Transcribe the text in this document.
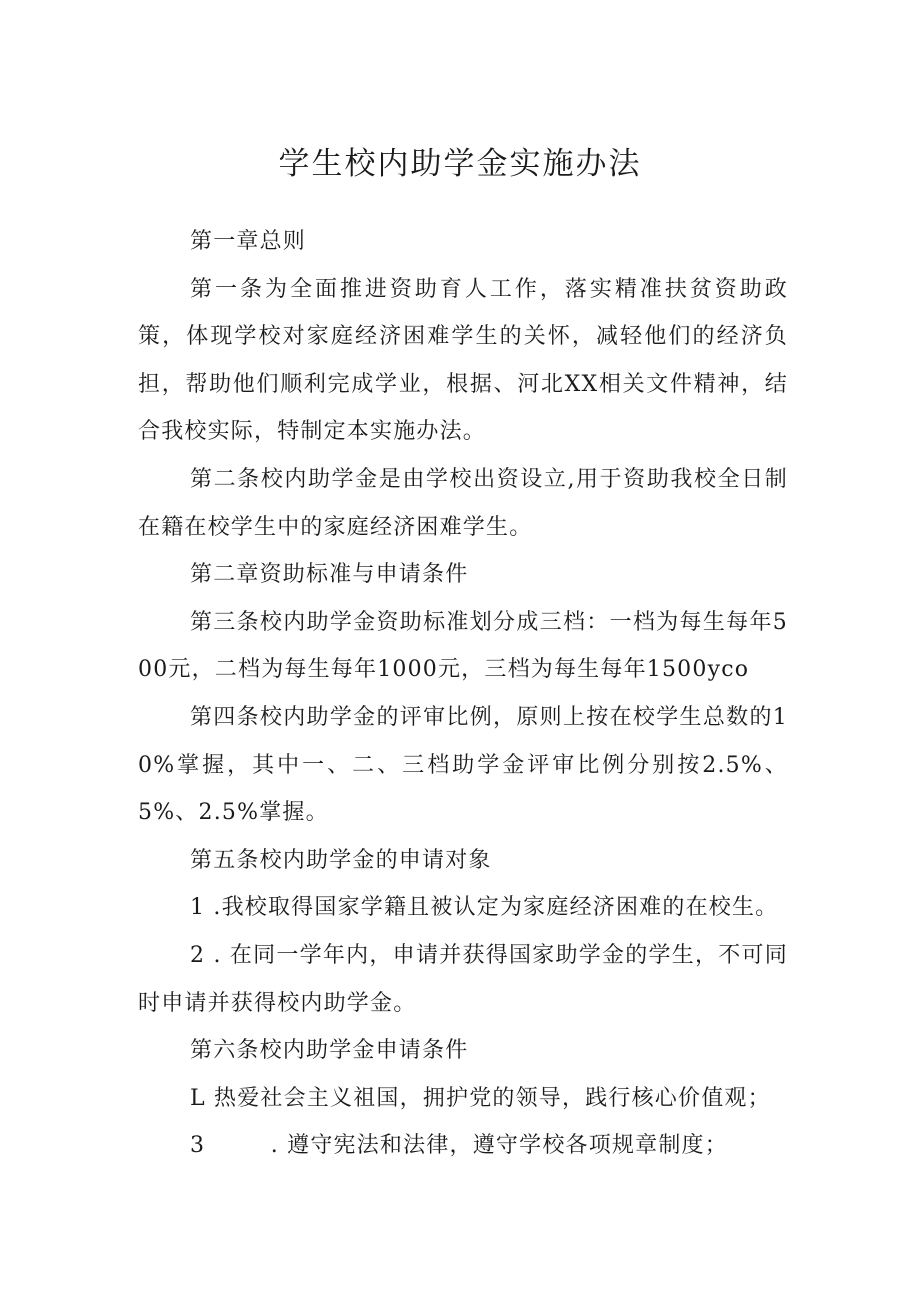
学生校内助学金实施办法

第一章总则

第一条为全面推进资助育人工作，落实精准扶贫资助政策，体现学校对家庭经济困难学生的关怀，减轻他们的经济负担，帮助他们顺利完成学业，根据、河北XX相关文件精神，结合我校实际，特制定本实施办法。

第二条校内助学金是由学校出资设立,用于资助我校全日制在籍在校学生中的家庭经济困难学生。

第二章资助标准与申请条件

第三条校内助学金资助标准划分成三档：一档为每生每年500元，二档为每生每年1000元，三档为每生每年1500yco

第四条校内助学金的评审比例，原则上按在校学生总数的10%掌握，其中一、二、三档助学金评审比例分别按2.5%、5%、2.5%掌握。

第五条校内助学金的申请对象

1 .我校取得国家学籍且被认定为家庭经济困难的在校生。

2 . 在同一学年内，申请并获得国家助学金的学生，不可同时申请并获得校内助学金。

第六条校内助学金申请条件

L 热爱社会主义祖国，拥护党的领导，践行核心价值观；

3        . 遵守宪法和法律，遵守学校各项规章制度；
